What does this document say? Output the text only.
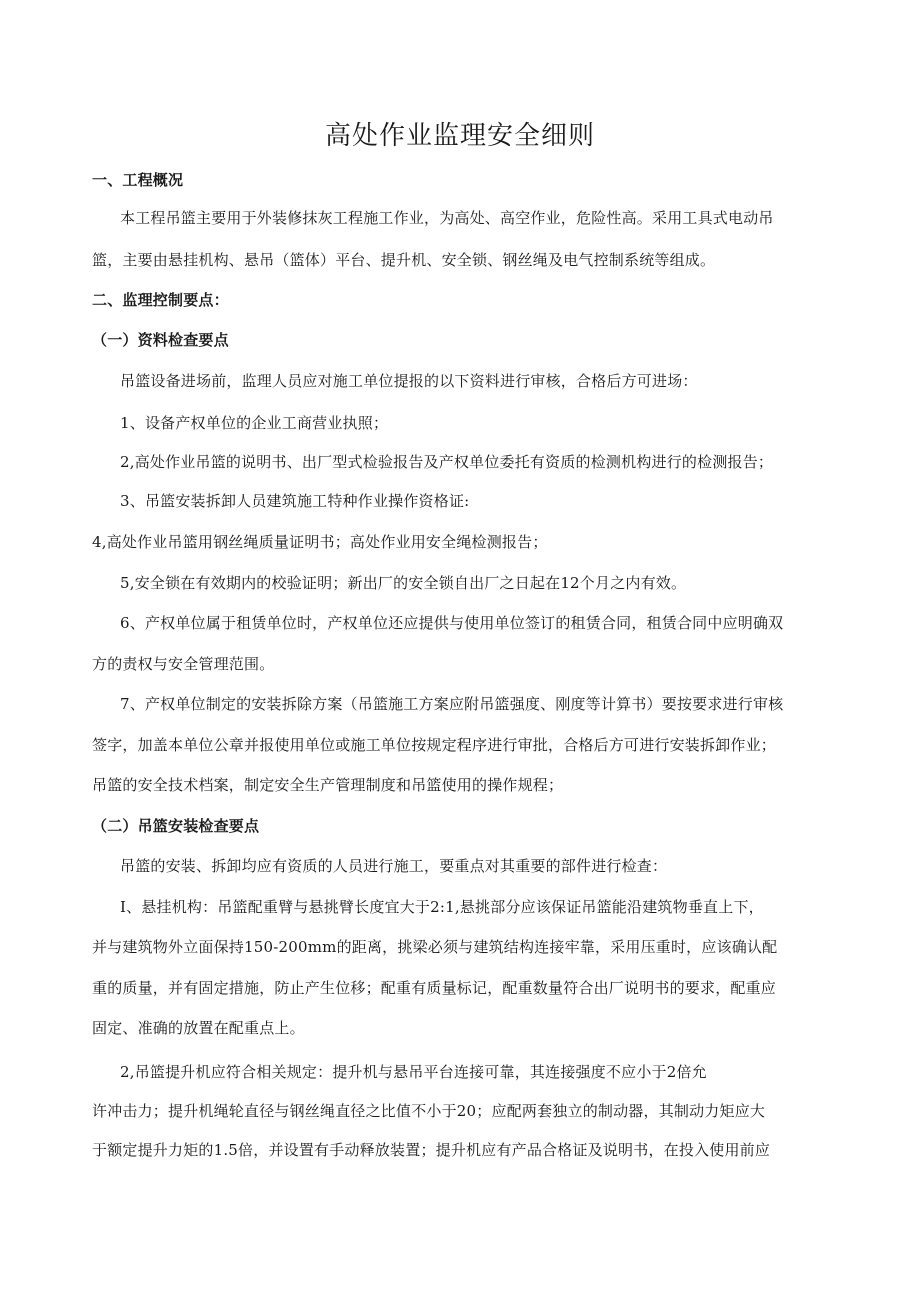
高处作业监理安全细则
一、工程概况
本工程吊篮主要用于外装修抹灰工程施工作业，为高处、高空作业，危险性高。采用工具式电动吊
篮，主要由悬挂机构、悬吊（篮体）平台、提升机、安全锁、钢丝绳及电气控制系统等组成。
二、监理控制要点：
（一）资料检查要点
吊篮设备进场前，监理人员应对施工单位提报的以下资料进行审核，合格后方可进场：
1、设备产权单位的企业工商营业执照；
2,高处作业吊篮的说明书、出厂型式检验报告及产权单位委托有资质的检测机构进行的检测报告；
3、吊篮安装拆卸人员建筑施工特种作业操作资格证:
4,高处作业吊篮用钢丝绳质量证明书；高处作业用安全绳检测报告；
5,安全锁在有效期内的校验证明；新出厂的安全锁自出厂之日起在12个月之内有效。
6、产权单位属于租赁单位时，产权单位还应提供与使用单位签订的租赁合同，租赁合同中应明确双
方的责权与安全管理范围。
7、产权单位制定的安装拆除方案（吊篮施工方案应附吊篮强度、刚度等计算书）要按要求进行审核
签字，加盖本单位公章并报使用单位或施工单位按规定程序进行审批，合格后方可进行安装拆卸作业；
吊篮的安全技术档案，制定安全生产管理制度和吊篮使用的操作规程；
（二）吊篮安装检查要点
吊篮的安装、拆卸均应有资质的人员进行施工，要重点对其重要的部件进行检查：
I、悬挂机构：吊篮配重臂与悬挑臂长度宜大于2:1,悬挑部分应该保证吊篮能沿建筑物垂直上下，
并与建筑物外立面保持150-200mm的距离，挑梁必须与建筑结构连接牢靠，采用压重时，应该确认配
重的质量，并有固定措施，防止产生位移；配重有质量标记，配重数量符合出厂说明书的要求，配重应
固定、准确的放置在配重点上。
2,吊篮提升机应符合相关规定：提升机与悬吊平台连接可靠，其连接强度不应小于2倍允
许冲击力；提升机绳轮直径与钢丝绳直径之比值不小于20；应配两套独立的制动器，其制动力矩应大
于额定提升力矩的1.5倍，并设置有手动释放装置；提升机应有产品合格证及说明书，在投入使用前应
